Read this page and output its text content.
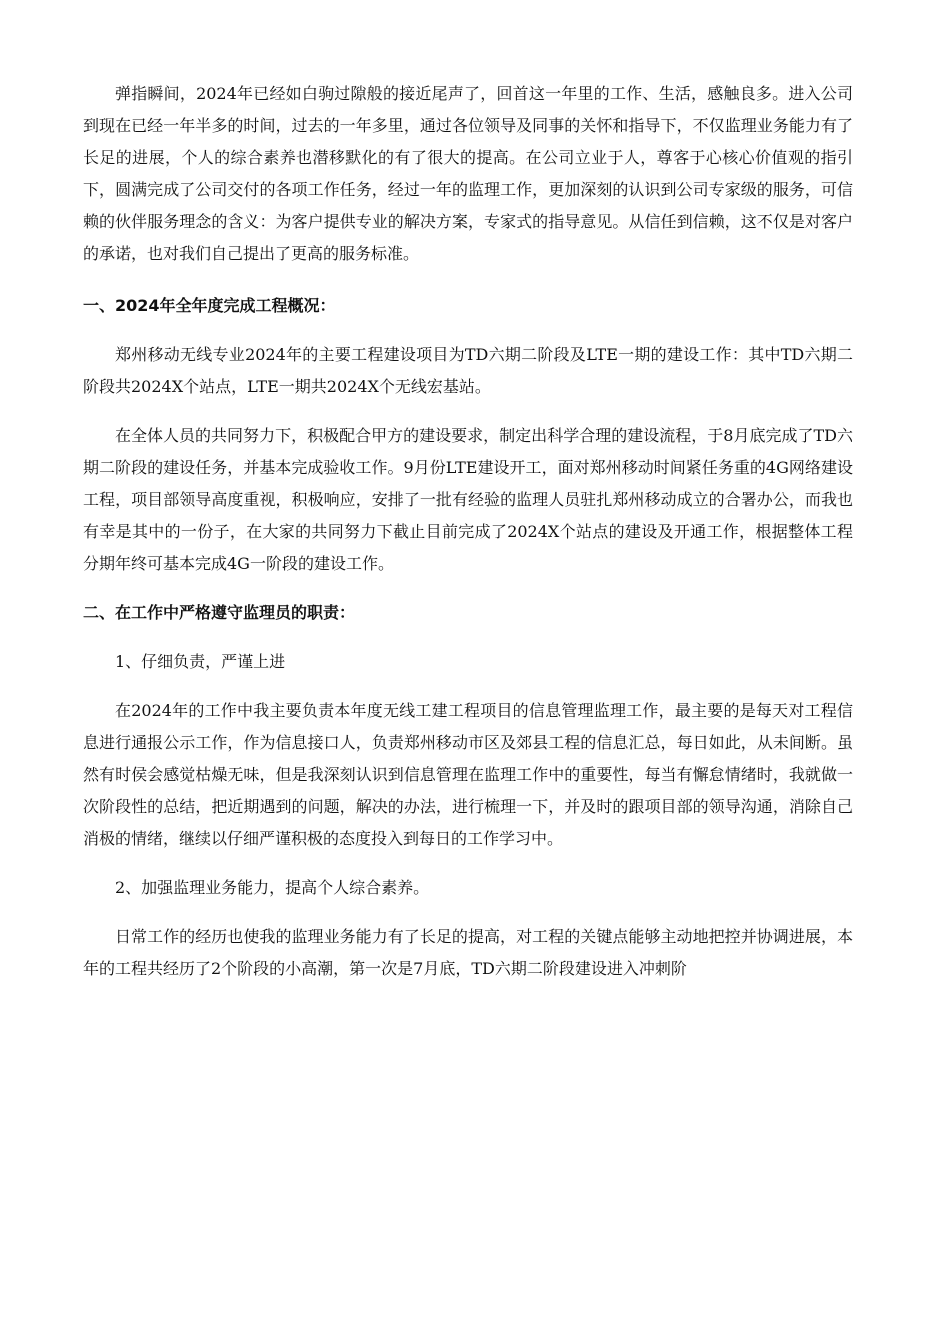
弹指瞬间，2024年已经如白驹过隙般的接近尾声了，回首这一年里的工作、生活，感触良多。进入公司到现在已经一年半多的时间，过去的一年多里，通过各位领导及同事的关怀和指导下，不仅监理业务能力有了长足的进展，个人的综合素养也潜移默化的有了很大的提高。在公司立业于人，尊客于心核心价值观的指引下，圆满完成了公司交付的各项工作任务，经过一年的监理工作，更加深刻的认识到公司专家级的服务，可信赖的伙伴服务理念的含义：为客户提供专业的解决方案，专家式的指导意见。从信任到信赖，这不仅是对客户的承诺，也对我们自己提出了更高的服务标准。

一、2024年全年度完成工程概况：

郑州移动无线专业2024年的主要工程建设项目为TD六期二阶段及LTE一期的建设工作：其中TD六期二阶段共2024X个站点，LTE一期共2024X个无线宏基站。

在全体人员的共同努力下，积极配合甲方的建设要求，制定出科学合理的建设流程，于8月底完成了TD六期二阶段的建设任务，并基本完成验收工作。9月份LTE建设开工，面对郑州移动时间紧任务重的4G网络建设工程，项目部领导高度重视，积极响应，安排了一批有经验的监理人员驻扎郑州移动成立的合署办公，而我也有幸是其中的一份子，在大家的共同努力下截止目前完成了2024X个站点的建设及开通工作，根据整体工程分期年终可基本完成4G一阶段的建设工作。

二、在工作中严格遵守监理员的职责：

1、仔细负责，严谨上进

在2024年的工作中我主要负责本年度无线工建工程项目的信息管理监理工作，最主要的是每天对工程信息进行通报公示工作，作为信息接口人，负责郑州移动市区及郊县工程的信息汇总，每日如此，从未间断。虽然有时侯会感觉枯燥无味，但是我深刻认识到信息管理在监理工作中的重要性，每当有懈怠情绪时，我就做一次阶段性的总结，把近期遇到的问题，解决的办法，进行梳理一下，并及时的跟项目部的领导沟通，消除自己消极的情绪，继续以仔细严谨积极的态度投入到每日的工作学习中。

2、加强监理业务能力，提高个人综合素养。

日常工作的经历也使我的监理业务能力有了长足的提高，对工程的关键点能够主动地把控并协调进展，本年的工程共经历了2个阶段的小高潮，第一次是7月底，TD六期二阶段建设进入冲刺阶
